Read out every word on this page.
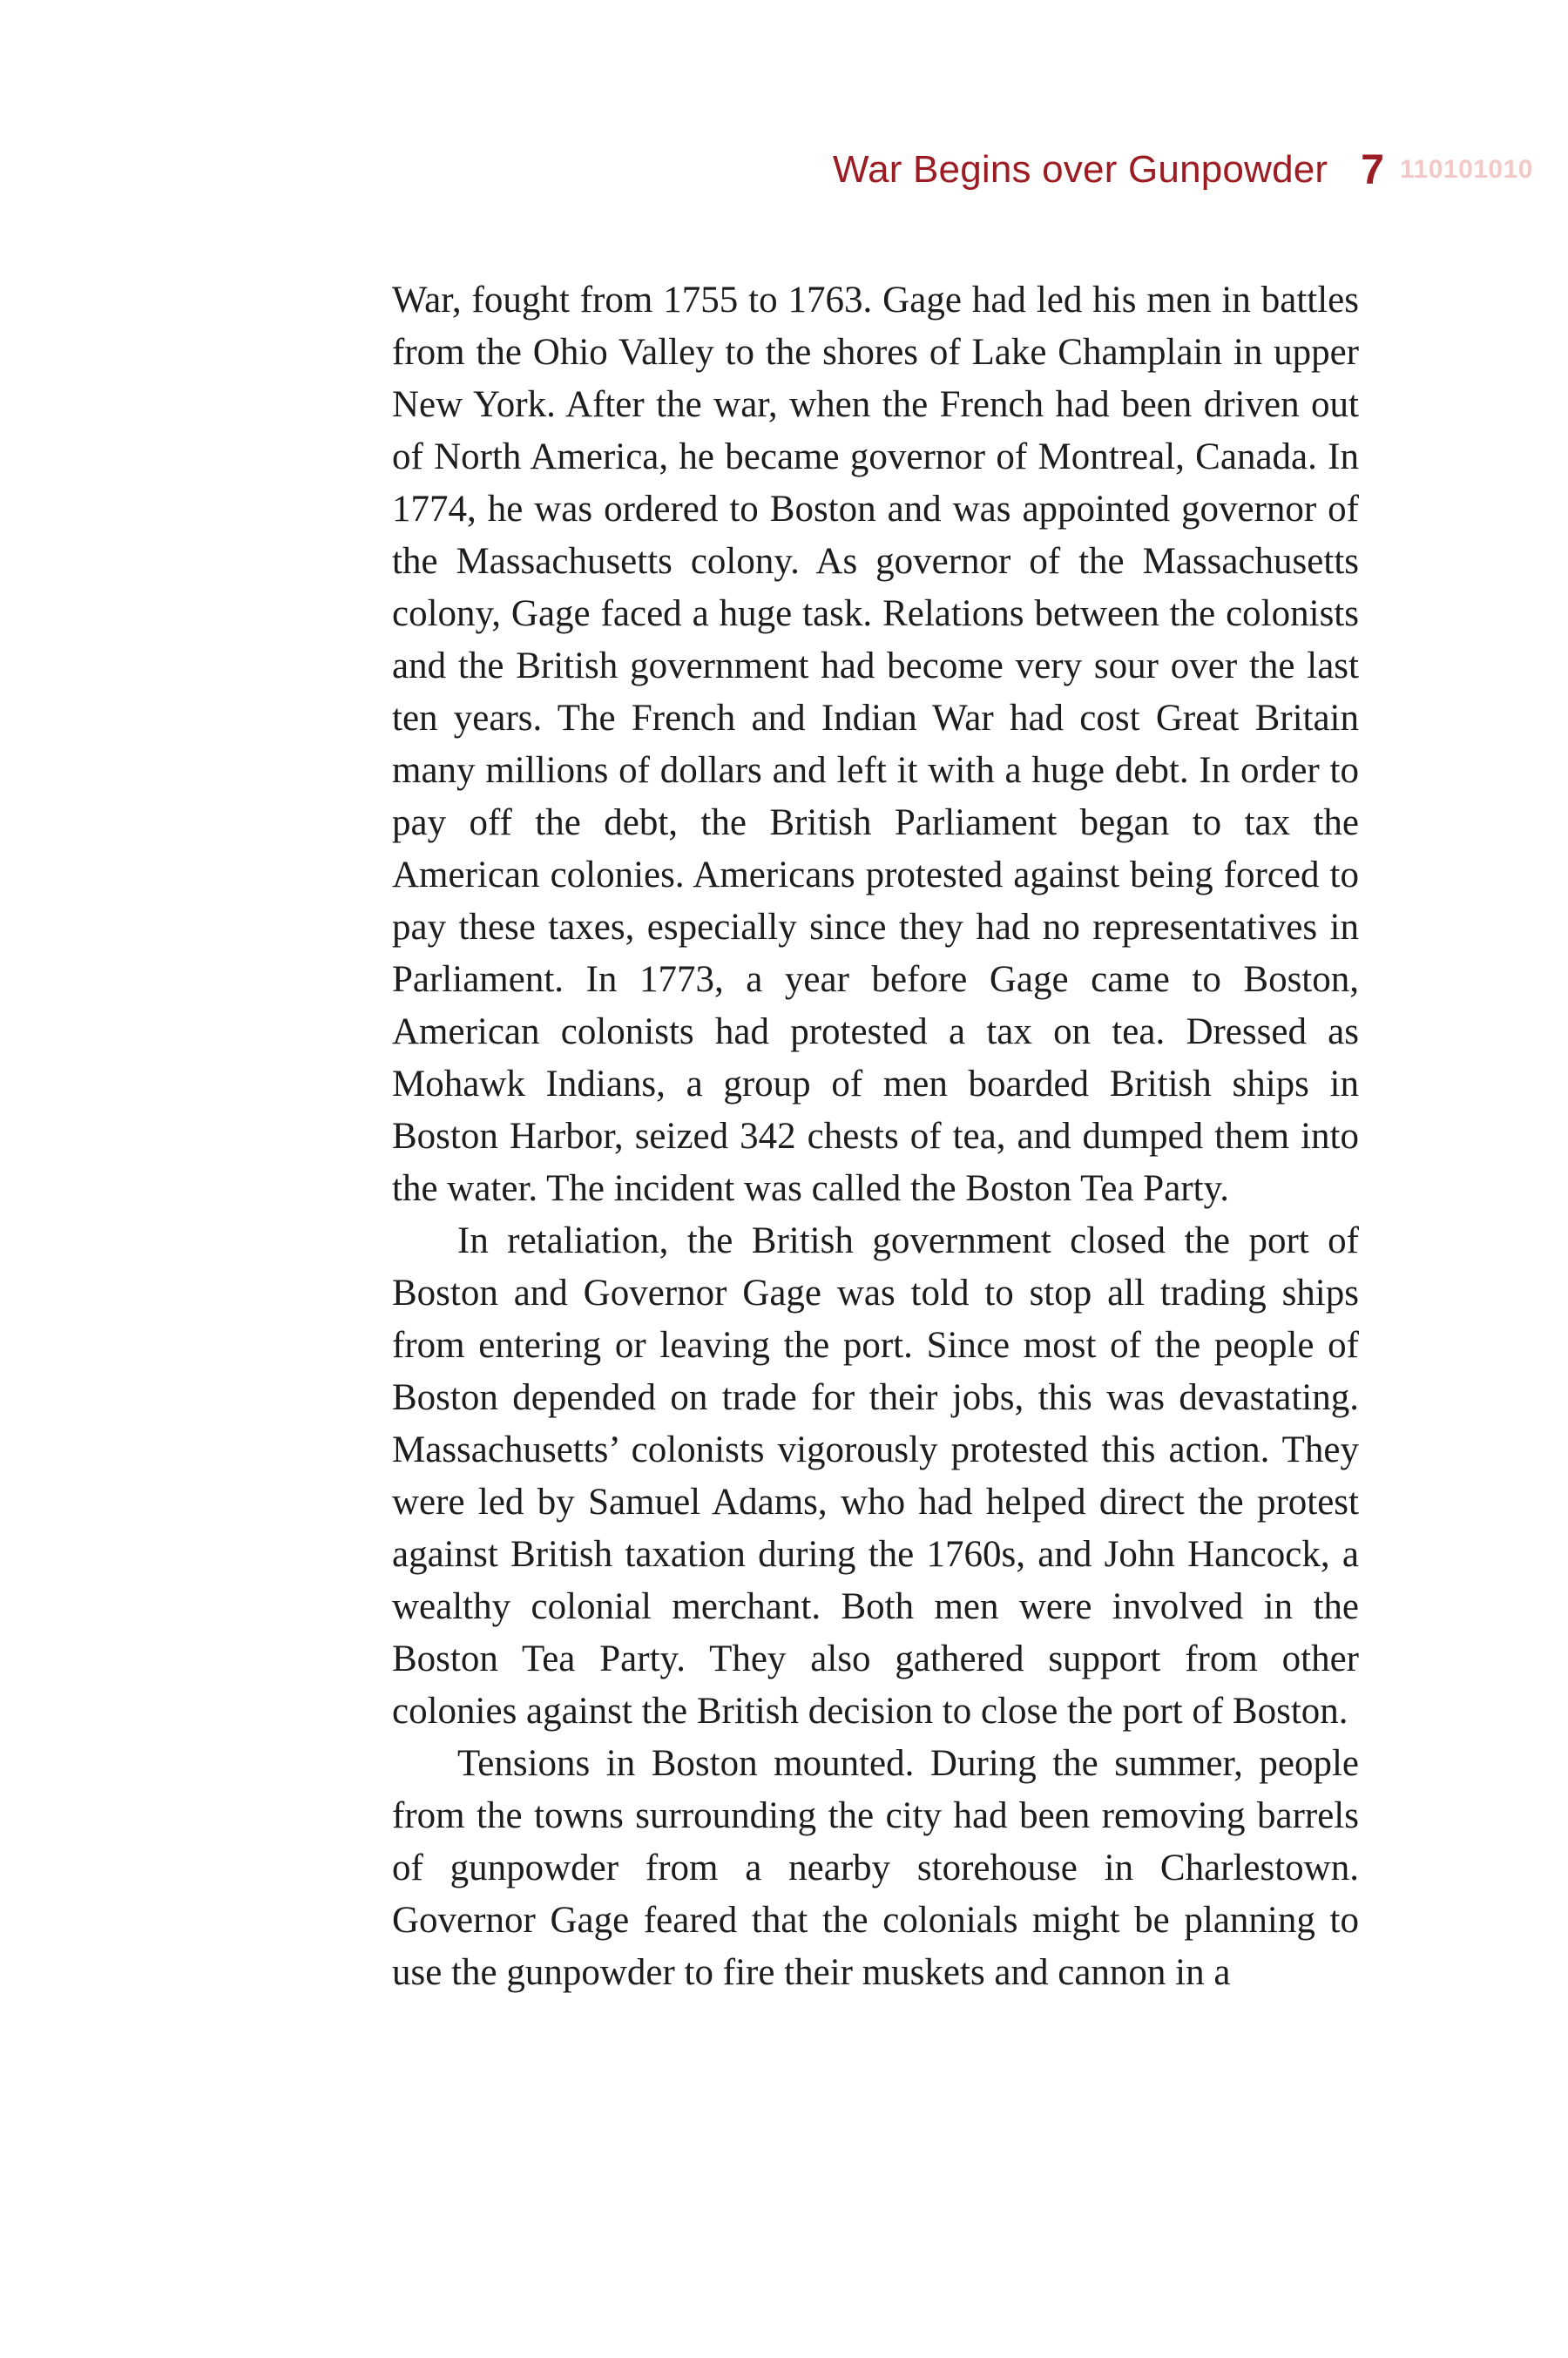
War Begins over Gunpowder 7 110101010

War, fought from 1755 to 1763. Gage had led his men in battles from the Ohio Valley to the shores of Lake Champlain in upper New York. After the war, when the French had been driven out of North America, he became governor of Montreal, Canada. In 1774, he was ordered to Boston and was appointed governor of the Massachusetts colony. As governor of the Massachusetts colony, Gage faced a huge task. Relations between the colonists and the British government had become very sour over the last ten years. The French and Indian War had cost Great Britain many millions of dollars and left it with a huge debt. In order to pay off the debt, the British Parliament began to tax the American colonies. Americans protested against being forced to pay these taxes, especially since they had no representatives in Parliament. In 1773, a year before Gage came to Boston, American colonists had protested a tax on tea. Dressed as Mohawk Indians, a group of men boarded British ships in Boston Harbor, seized 342 chests of tea, and dumped them into the water. The incident was called the Boston Tea Party.

In retaliation, the British government closed the port of Boston and Governor Gage was told to stop all trading ships from entering or leaving the port. Since most of the people of Boston depended on trade for their jobs, this was devastating. Massachusetts’ colonists vigorously protested this action. They were led by Samuel Adams, who had helped direct the protest against British taxation during the 1760s, and John Hancock, a wealthy colonial merchant. Both men were involved in the Boston Tea Party. They also gathered support from other colonies against the British decision to close the port of Boston.

Tensions in Boston mounted. During the summer, people from the towns surrounding the city had been removing barrels of gunpowder from a nearby storehouse in Charlestown. Governor Gage feared that the colonials might be planning to use the gunpowder to fire their muskets and cannon in a
